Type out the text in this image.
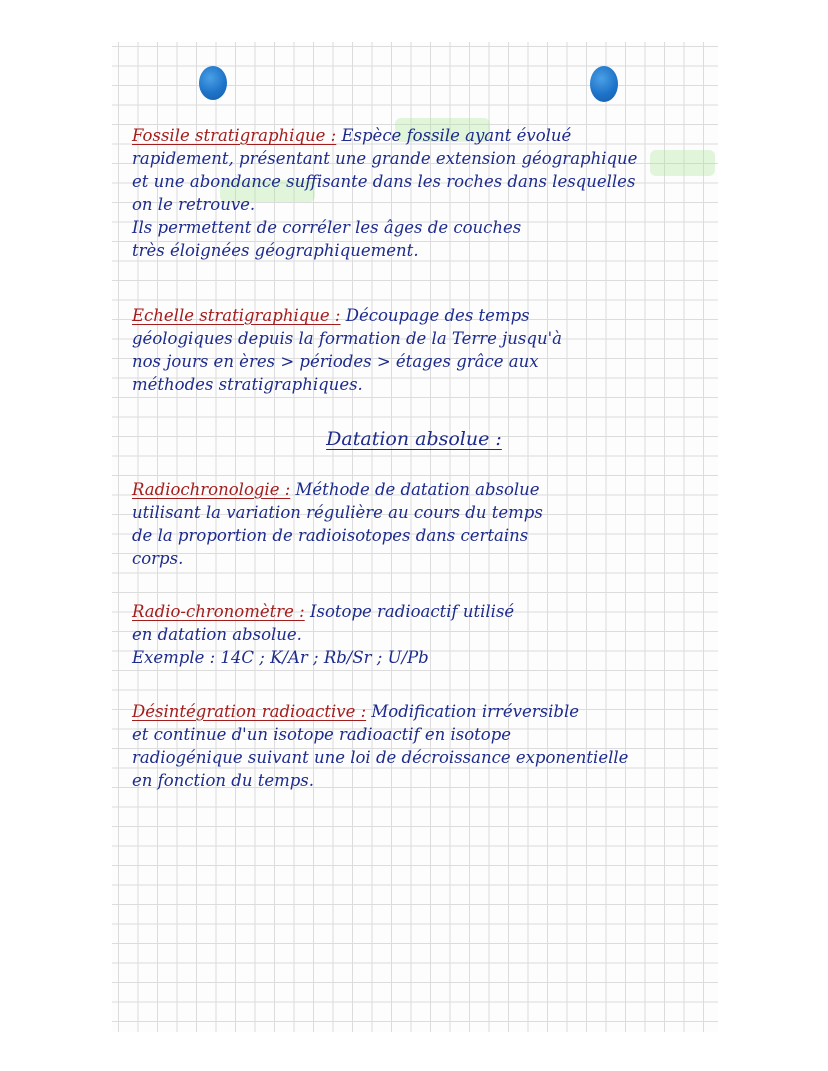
Fossile stratigraphique : Espèce fossile ayant évolué
rapidement, présentant une grande extension géographique
et une abondance suffisante dans les roches dans lesquelles
on le retrouve.
Ils permettent de corréler les âges de couches
très éloignées géographiquement.
Echelle stratigraphique : Découpage des temps
géologiques depuis la formation de la Terre jusqu'à
nos jours en ères > périodes > étages grâce aux
méthodes stratigraphiques.
Datation absolue :
Radiochronologie : Méthode de datation absolue
utilisant la variation régulière au cours du temps
de la proportion de radioisotopes dans certains
corps.
Radio-chronomètre : Isotope radioactif utilisé
en datation absolue.
Exemple : 14C ; K/Ar ; Rb/Sr ; U/Pb
Désintégration radioactive : Modification irréversible
et continue d'un isotope radioactif en isotope
radiogénique suivant une loi de décroissance exponentielle
en fonction du temps.
